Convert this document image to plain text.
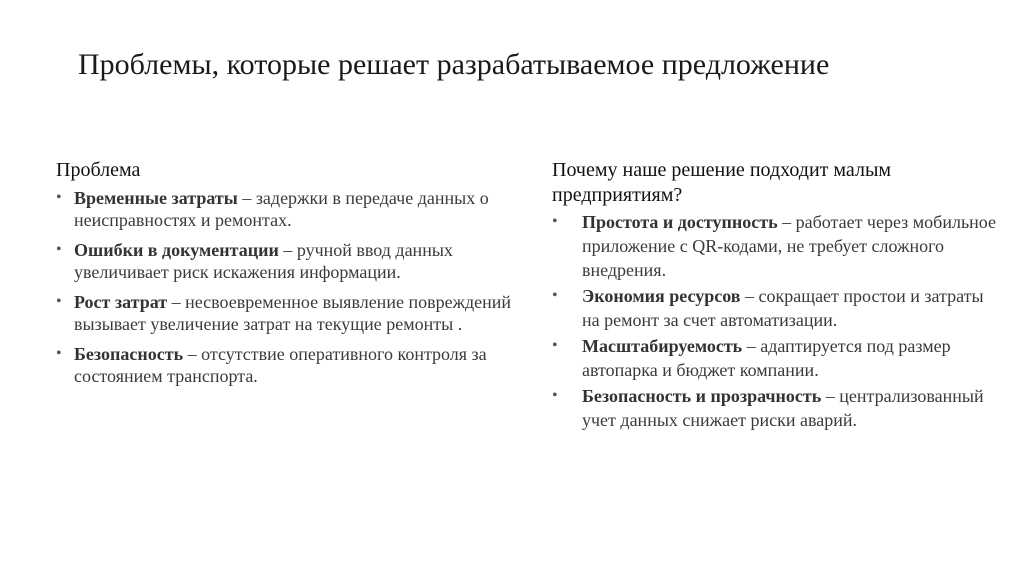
Проблемы, которые решает разрабатываемое предложение
Проблема
• Временные затраты – задержки в передаче данных о неисправностях и ремонтах.
• Ошибки в документации – ручной ввод данных увеличивает риск искажения информации.
• Рост затрат – несвоевременное выявление повреждений вызывает увеличение затрат на текущие ремонты .
• Безопасность – отсутствие оперативного контроля за состоянием транспорта.
Почему наше решение подходит малым предприятиям?
• Простота и доступность – работает через мобильное приложение с QR-кодами, не требует сложного внедрения.
• Экономия ресурсов – сокращает простои и затраты на ремонт за счет автоматизации.
• Масштабируемость – адаптируется под размер автопарка и бюджет компании.
• Безопасность и прозрачность – централизованный учет данных снижает риски аварий.
